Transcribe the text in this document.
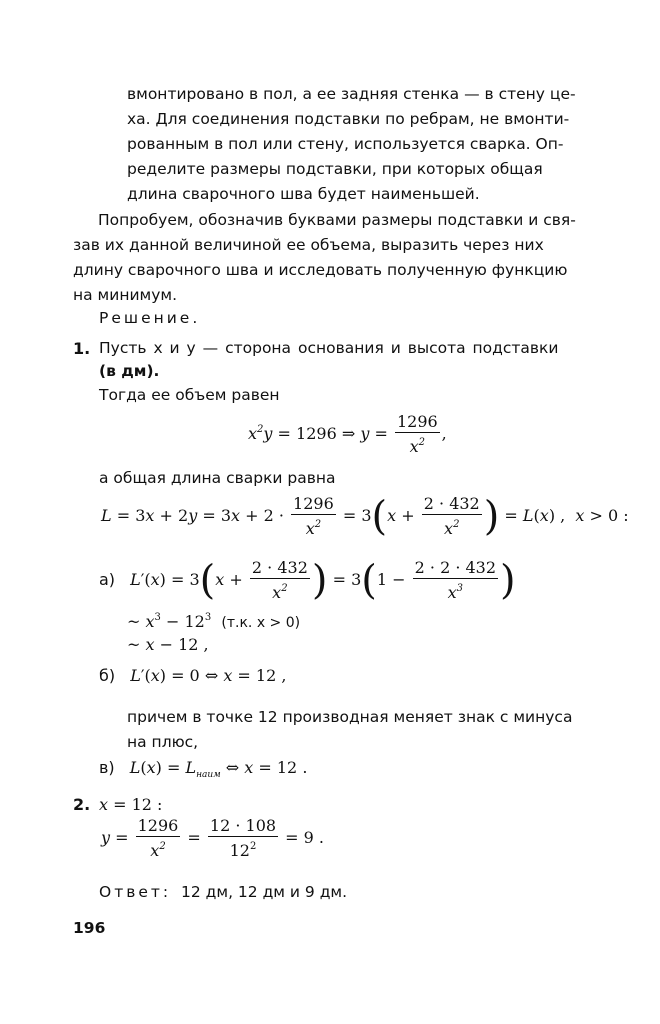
вмонтировано в пол, а ее задняя стенка — в стену це-
ха. Для соединения подставки по ребрам, не вмонти-
рованным в пол или стену, используется сварка. Оп-
ределите размеры подставки, при которых общая
длина сварочного шва будет наименьшей.
Попробуем, обозначив буквами размеры подставки и свя-
зав их данной величиной ее объема, выразить через них
длину сварочного шва и исследовать полученную функцию
на минимум.
Решение.
1. Пусть x и y — сторона основания и высота подставки
(в дм).
Тогда ее объем равен
$x^2y = 1296$ ⇒ $y = \frac{1296}{x^2}$ ,
а общая длина сварки равна
$L = 3x + 2y = 3x + 2 \cdot \frac{1296}{x^2} = 3(x + \frac{2 \cdot 432}{x^2}$ ) = L(x) ,  x > 0 :
а) $L'(x) = 3(x + \frac{2 \cdot 432}{x^2}$ ) = $3(1 - \frac{2 \cdot 2 \cdot 432}{x^3}$ )
~ $x^3 - 12^3$ (т.к. x > 0)
~ x − 12 ,
б) L′(x) = 0 ⇔ x = 12 ,
причем в точке 12 производная меняет знак с минуса
на плюс,
в) $L(x) = L_{наим}$ ⇔ x = 12 .
2. x = 12 :
$y = \frac{1296}{x^2} = \frac{12 \cdot 108}{12^2} = 9$ .
Ответ: 12 дм, 12 дм и 9 дм.
196
